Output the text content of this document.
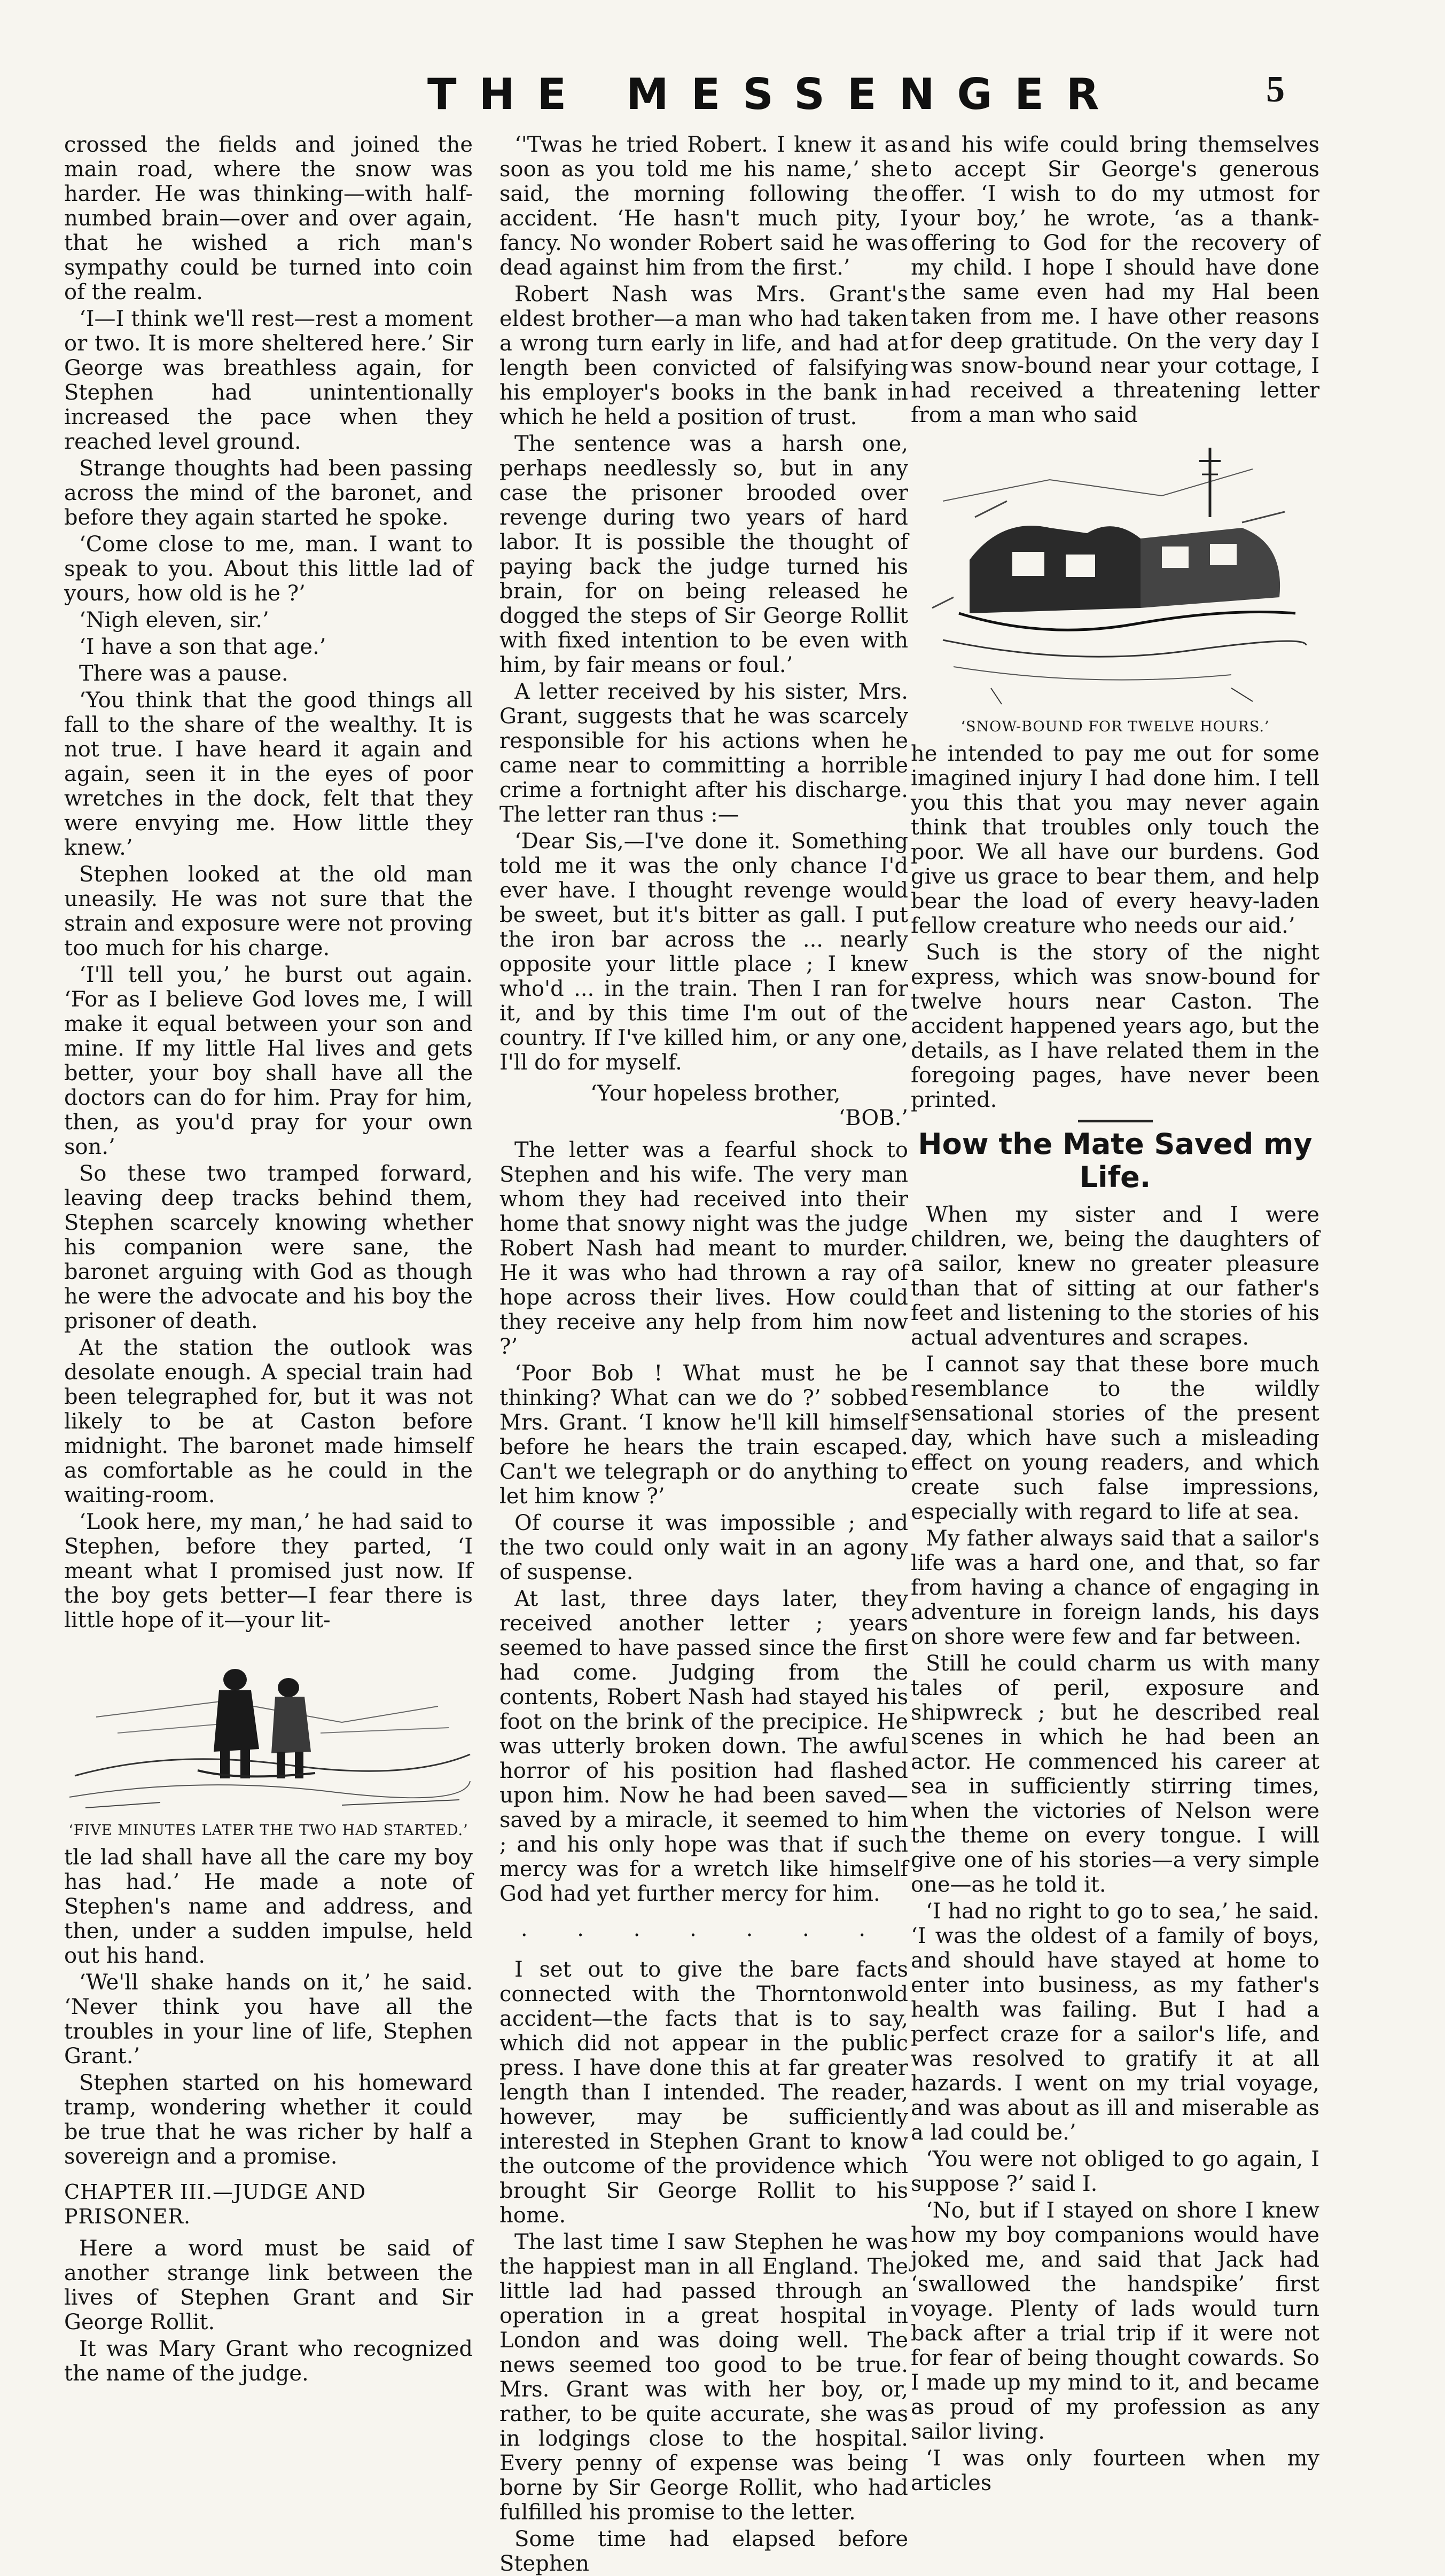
THE MESSENGER	5

crossed the fields and joined the main road, where the snow was harder. He was thinking—with half-numbed brain—over and over again, that he wished a rich man's sympathy could be turned into coin of the realm.

‘I—I think we'll rest—rest a moment or two. It is more sheltered here.’ Sir George was breathless again, for Stephen had unintentionally increased the pace when they reached level ground.

Strange thoughts had been passing across the mind of the baronet, and before they again started he spoke.

‘Come close to me, man. I want to speak to you. About this little lad of yours, how old is he ?’

‘Nigh eleven, sir.’

‘I have a son that age.’

There was a pause.

‘You think that the good things all fall to the share of the wealthy. It is not true. I have heard it again and again, seen it in the eyes of poor wretches in the dock, felt that they were envying me. How little they knew.’

Stephen looked at the old man uneasily. He was not sure that the strain and exposure were not proving too much for his charge.

‘I'll tell you,’ he burst out again. ‘For as I believe God loves me, I will make it equal between your son and mine. If my little Hal lives and gets better, your boy shall have all the doctors can do for him. Pray for him, then, as you'd pray for your own son.’

So these two tramped forward, leaving deep tracks behind them, Stephen scarcely knowing whether his companion were sane, the baronet arguing with God as though he were the advocate and his boy the prisoner of death.

At the station the outlook was desolate enough. A special train had been telegraphed for, but it was not likely to be at Caston before midnight. The baronet made himself as comfortable as he could in the waiting-room.

‘Look here, my man,’ he had said to Stephen, before they parted, ‘I meant what I promised just now. If the boy gets better—I fear there is little hope of it—your lit-

‘FIVE MINUTES LATER THE TWO HAD STARTED.’

tle lad shall have all the care my boy has had.’ He made a note of Stephen's name and address, and then, under a sudden impulse, held out his hand.

‘We'll shake hands on it,’ he said. ‘Never think you have all the troubles in your line of life, Stephen Grant.’

Stephen started on his homeward tramp, wondering whether it could be true that he was richer by half a sovereign and a promise.

CHAPTER III.—JUDGE AND PRISONER.

Here a word must be said of another strange link between the lives of Stephen Grant and Sir George Rollit.

It was Mary Grant who recognized the name of the judge.

‘'Twas he tried Robert. I knew it as soon as you told me his name,’ she said, the morning following the accident. ‘He hasn't much pity, I fancy. No wonder Robert said he was dead against him from the first.’

Robert Nash was Mrs. Grant's eldest brother—a man who had taken a wrong turn early in life, and had at length been convicted of falsifying his employer's books in the bank in which he held a position of trust.

The sentence was a harsh one, perhaps needlessly so, but in any case the prisoner brooded over revenge during two years of hard labor. It is possible the thought of paying back the judge turned his brain, for on being released he dogged the steps of Sir George Rollit with fixed intention to be even with him, by fair means or foul.’

A letter received by his sister, Mrs. Grant, suggests that he was scarcely responsible for his actions when he came near to committing a horrible crime a fortnight after his discharge. The letter ran thus :—

‘Dear Sis,—I've done it. Something told me it was the only chance I'd ever have. I thought revenge would be sweet, but it's bitter as gall. I put the iron bar across the ... nearly opposite your little place ; I knew who'd ... in the train. Then I ran for it, and by this time I'm out of the country. If I've killed him, or any one, I'll do for myself.

‘Your hopeless brother,
‘BOB.’

The letter was a fearful shock to Stephen and his wife. The very man whom they had received into their home that snowy night was the judge Robert Nash had meant to murder. He it was who had thrown a ray of hope across their lives. How could they receive any help from him now ?’

‘Poor Bob ! What must he be thinking? What can we do ?’ sobbed Mrs. Grant. ‘I know he'll kill himself before he hears the train escaped. Can't we telegraph or do anything to let him know ?’

Of course it was impossible ; and the two could only wait in an agony of suspense.

At last, three days later, they received another letter ; years seemed to have passed since the first had come. Judging from the contents, Robert Nash had stayed his foot on the brink of the precipice. He was utterly broken down. The awful horror of his position had flashed upon him. Now he had been saved—saved by a miracle, it seemed to him ; and his only hope was that if such mercy was for a wretch like himself God had yet further mercy for him.

. . . . . . .

I set out to give the bare facts connected with the Thorntonwold accident—the facts that is to say, which did not appear in the public press. I have done this at far greater length than I intended. The reader, however, may be sufficiently interested in Stephen Grant to know the outcome of the providence which brought Sir George Rollit to his home.

The last time I saw Stephen he was the happiest man in all England. The little lad had passed through an operation in a great hospital in London and was doing well. The news seemed too good to be true. Mrs. Grant was with her boy, or, rather, to be quite accurate, she was in lodgings close to the hospital. Every penny of expense was being borne by Sir George Rollit, who had fulfilled his promise to the letter.

Some time had elapsed before Stephen

and his wife could bring themselves to accept Sir George's generous offer. ‘I wish to do my utmost for your boy,’ he wrote, ‘as a thank-offering to God for the recovery of my child. I hope I should have done the same even had my Hal been taken from me. I have other reasons for deep gratitude. On the very day I was snow-bound near your cottage, I had received a threatening letter from a man who said

‘SNOW-BOUND FOR TWELVE HOURS.’

he intended to pay me out for some imagined injury I had done him. I tell you this that you may never again think that troubles only touch the poor. We all have our burdens. God give us grace to bear them, and help bear the load of every heavy-laden fellow creature who needs our aid.’

Such is the story of the night express, which was snow-bound for twelve hours near Caston. The accident happened years ago, but the details, as I have related them in the foregoing pages, have never been printed.

How the Mate Saved my Life.

When my sister and I were children, we, being the daughters of a sailor, knew no greater pleasure than that of sitting at our father's feet and listening to the stories of his actual adventures and scrapes.

I cannot say that these bore much resemblance to the wildly sensational stories of the present day, which have such a misleading effect on young readers, and which create such false impressions, especially with regard to life at sea.

My father always said that a sailor's life was a hard one, and that, so far from having a chance of engaging in adventure in foreign lands, his days on shore were few and far between.

Still he could charm us with many tales of peril, exposure and shipwreck ; but he described real scenes in which he had been an actor. He commenced his career at sea in sufficiently stirring times, when the victories of Nelson were the theme on every tongue. I will give one of his stories—a very simple one—as he told it.

‘I had no right to go to sea,’ he said. ‘I was the oldest of a family of boys, and should have stayed at home to enter into business, as my father's health was failing. But I had a perfect craze for a sailor's life, and was resolved to gratify it at all hazards. I went on my trial voyage, and was about as ill and miserable as a lad could be.’

‘You were not obliged to go again, I suppose ?’ said I.

‘No, but if I stayed on shore I knew how my boy companions would have joked me, and said that Jack had ‘swallowed the handspike’ first voyage. Plenty of lads would turn back after a trial trip if it were not for fear of being thought cowards. So I made up my mind to it, and became as proud of my profession as any sailor living.

‘I was only fourteen when my articles
